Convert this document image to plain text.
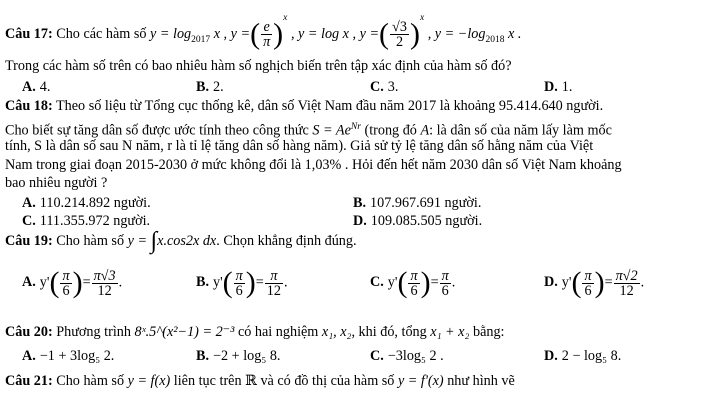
Câu 17: Cho các hàm số $y = \log_{2017} x$ , y =( $\frac{e}{\pi} )^x$ , y = log x , y =( $\frac{√3}{2} )^x$ , $y = -\log_{2018}$ x .
Trong các hàm số trên có bao nhiêu hàm số nghịch biến trên tập xác định của hàm số đó?
A. 4.	B. 2.	C. 3.	D. 1.
Câu 18: Theo số liệu từ Tổng cục thống kê, dân số Việt Nam đầu năm 2017 là khoảng 95.414.640 người.
Cho biết sự tăng dân số được ước tính theo công thức $S = Ae^{Nr}$ (trong đó A: là dân số của năm lấy làm mốc
tính, S là dân số sau N năm, r là tỉ lệ tăng dân số hàng năm). Giả sử tỷ lệ tăng dân số hằng năm của Việt
Nam trong giai đoạn 2015-2030 ở mức không đổi là 1,03% . Hỏi đến hết năm 2030 dân số Việt Nam khoảng
bao nhiêu người ?
A. 110.214.892 người.	B. 107.967.691 người.
C. 111.355.972 người.	D. 109.085.505 người.
Câu 19: Cho hàm số y = ∫x.cos2x dx. Chọn khẳng định đúng.
A. $y'( \frac{\pi}{6}$ )= $\frac{\pi√3}{12}$ .	B. $y'( \frac{\pi}{6}$ )= $\frac{\pi}{12}$ .	C. $y'( \frac{\pi}{6}$ )= $\frac{\pi}{6}$ .	D. $y'( \frac{\pi}{6}$ )= $\frac{\pi√2}{12}$ .
Câu 20: Phương trình 8ˣ.5^(x²−1) = 2⁻³ có hai nghiệm x₁, x₂, khi đó, tổng x₁ + x₂ bằng:
A. −1 + 3log₅ 2.	B. −2 + log₅ 8.	C. −3log₅ 2 .	D. 2 − log₅ 8.
Câu 21: Cho hàm số y = f(x) liên tục trên ℝ và có đồ thị của hàm số y = f'(x) như hình vẽ
